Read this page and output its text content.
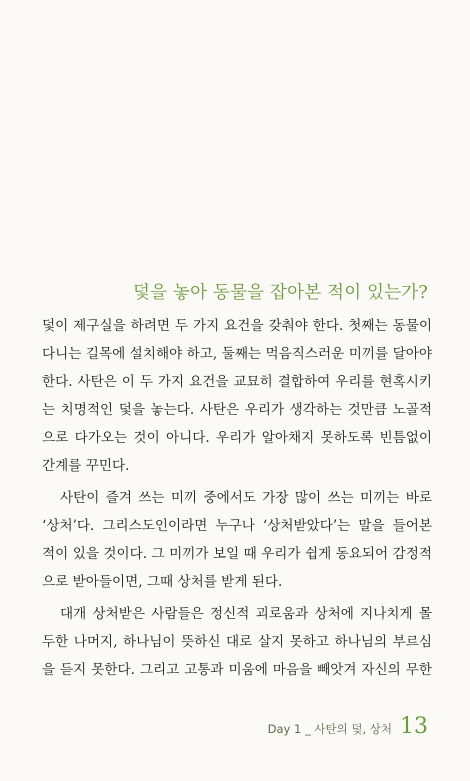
덫을 놓아 동물을 잡아본 적이 있는가?
덫이 제구실을 하려면 두 가지 요건을 갖춰야 한다. 첫째는 동물이
다니는 길목에 설치해야 하고, 둘째는 먹음직스러운 미끼를 달아야
한다. 사탄은 이 두 가지 요건을 교묘히 결합하여 우리를 현혹시키
는 치명적인 덫을 놓는다. 사탄은 우리가 생각하는 것만큼 노골적
으로 다가오는 것이 아니다. 우리가 알아채지 못하도록 빈틈없이
간계를 꾸민다.
사탄이 즐겨 쓰는 미끼 중에서도 가장 많이 쓰는 미끼는 바로
‘상처’다. 그리스도인이라면 누구나 ‘상처받았다’는 말을 들어본
적이 있을 것이다. 그 미끼가 보일 때 우리가 쉽게 동요되어 감정적
으로 받아들이면, 그때 상처를 받게 된다.
대개 상처받은 사람들은 정신적 괴로움과 상처에 지나치게 몰
두한 나머지, 하나님이 뜻하신 대로 살지 못하고 하나님의 부르심
을 듣지 못한다. 그리고 고통과 미움에 마음을 빼앗겨 자신의 무한
Day 1 _ 사탄의 덫, 상처 13
